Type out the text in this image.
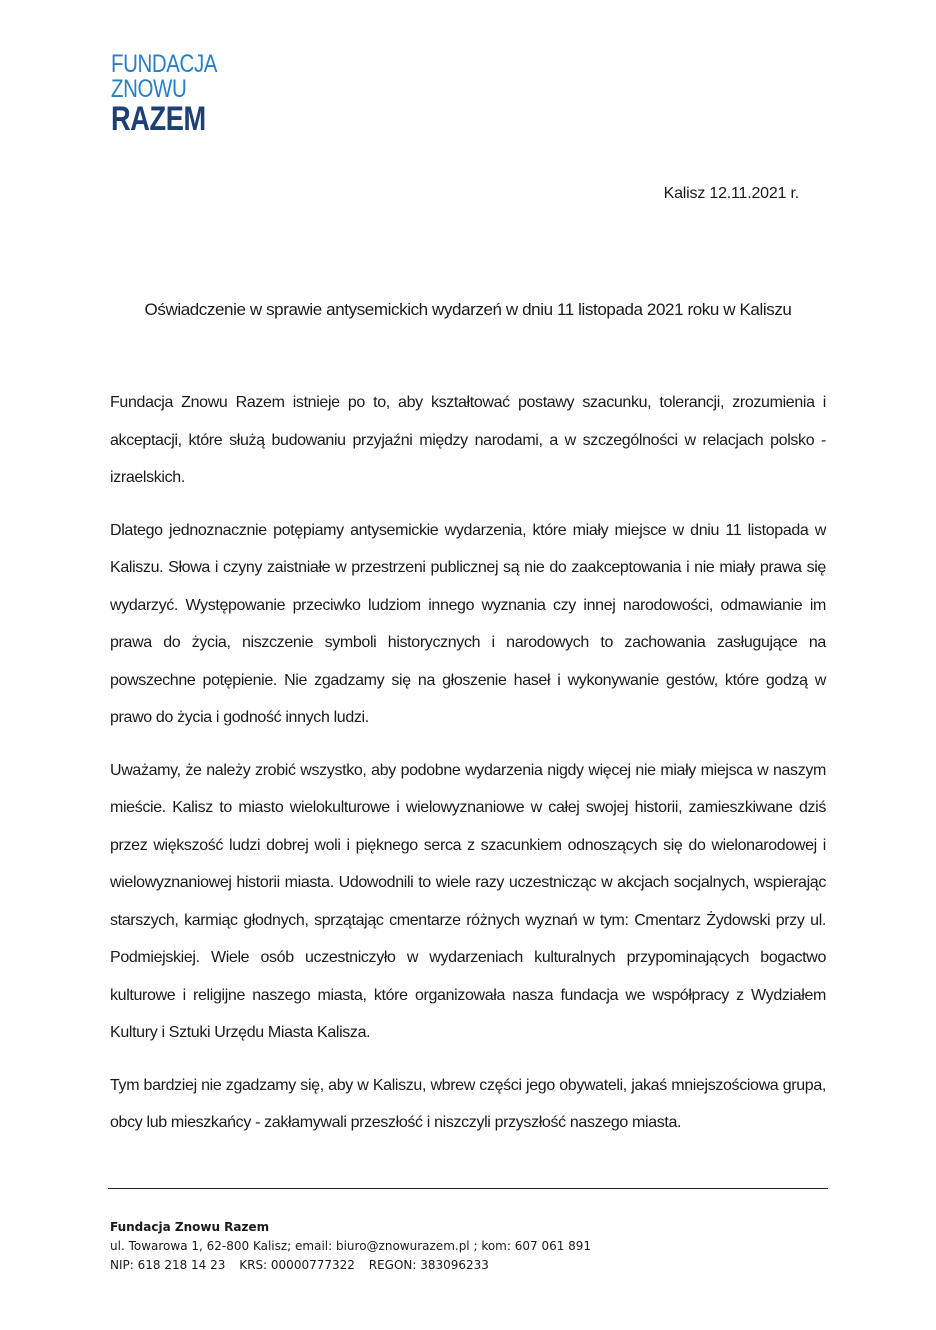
FUNDACJA
ZNOWU
RAZEM
Kalisz 12.11.2021 r.
Oświadczenie w sprawie antysemickich wydarzeń w dniu 11 listopada 2021 roku w Kaliszu

Fundacja Znowu Razem istnieje po to, aby kształtować postawy szacunku, tolerancji, zrozumienia i akceptacji, które służą budowaniu przyjaźni między narodami, a w szczególności w relacjach polsko - izraelskich.

Dlatego jednoznacznie potępiamy antysemickie wydarzenia, które miały miejsce w dniu 11 listopada w Kaliszu. Słowa i czyny zaistniałe w przestrzeni publicznej są nie do zaakceptowania i nie miały prawa się wydarzyć. Występowanie przeciwko ludziom innego wyznania czy innej narodowości, odmawianie im prawa do życia, niszczenie symboli historycznych i narodowych to zachowania zasługujące na powszechne potępienie. Nie zgadzamy się na głoszenie haseł i wykonywanie gestów, które godzą w prawo do życia i godność innych ludzi.

Uważamy, że należy zrobić wszystko, aby podobne wydarzenia nigdy więcej nie miały miejsca w naszym mieście. Kalisz to miasto wielokulturowe i wielowyznaniowe w całej swojej historii, zamieszkiwane dziś przez większość ludzi dobrej woli i pięknego serca z szacunkiem odnoszących się do wielonarodowej i wielowyznaniowej historii miasta. Udowodnili to wiele razy uczestnicząc w akcjach socjalnych, wspierając starszych, karmiąc głodnych, sprzątając cmentarze różnych wyznań w tym: Cmentarz Żydowski przy ul. Podmiejskiej. Wiele osób uczestniczyło w wydarzeniach kulturalnych przypominających bogactwo kulturowe i religijne naszego miasta, które organizowała nasza fundacja we współpracy z Wydziałem Kultury i Sztuki Urzędu Miasta Kalisza.

Tym bardziej nie zgadzamy się, aby w Kaliszu, wbrew części jego obywateli, jakaś mniejszościowa grupa, obcy lub mieszkańcy - zakłamywali przeszłość i niszczyli przyszłość naszego miasta.

Fundacja Znowu Razem
ul. Towarowa 1, 62-800 Kalisz; email: biuro@znowurazem.pl ; kom: 607 061 891
NIP: 618 218 14 23 KRS: 00000777322 REGON: 383096233
